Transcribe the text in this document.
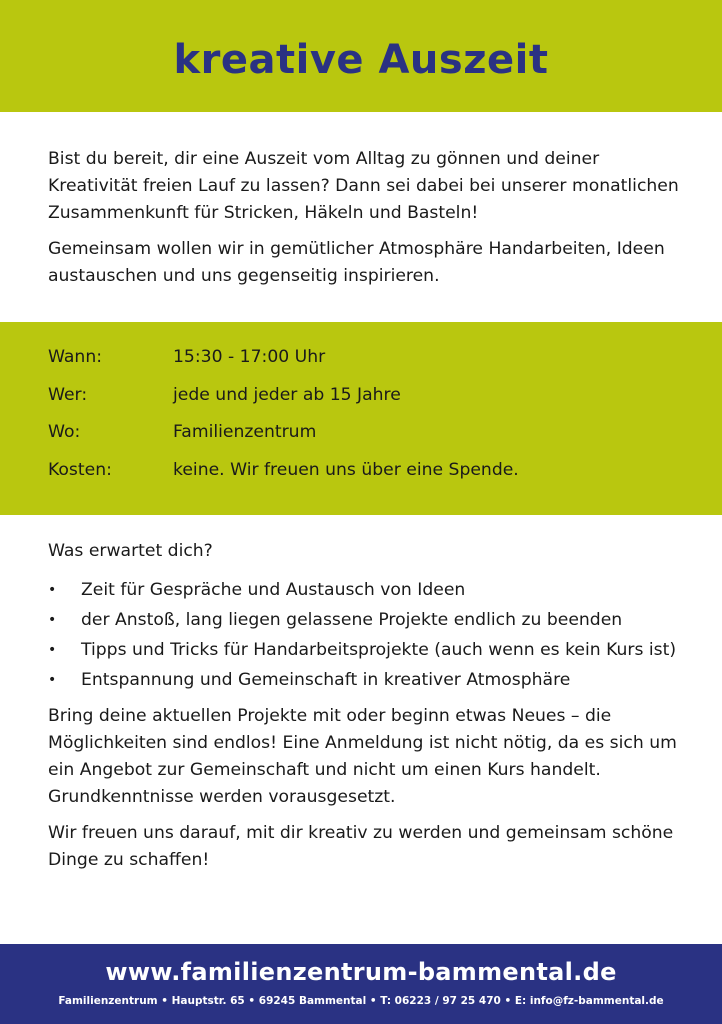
kreative Auszeit

Bist du bereit, dir eine Auszeit vom Alltag zu gönnen und deiner Kreativität freien Lauf zu lassen? Dann sei dabei bei unserer monatlichen Zusammenkunft für Stricken, Häkeln und Basteln!

Gemeinsam wollen wir in gemütlicher Atmosphäre Handarbeiten, Ideen austauschen und uns gegenseitig inspirieren.

Wann:	15:30 - 17:00 Uhr
Wer:	jede und jeder ab 15 Jahre
Wo:	Familienzentrum
Kosten:	keine. Wir freuen uns über eine Spende.
Was erwartet dich?
• Zeit für Gespräche und Austausch von Ideen
• der Anstoß, lang liegen gelassene Projekte endlich zu beenden
• Tipps und Tricks für Handarbeitsprojekte (auch wenn es kein Kurs ist)
• Entspannung und Gemeinschaft in kreativer Atmosphäre

Bring deine aktuellen Projekte mit oder beginn etwas Neues – die Möglichkeiten sind endlos! Eine Anmeldung ist nicht nötig, da es sich um ein Angebot zur Gemeinschaft und nicht um einen Kurs handelt. Grundkenntnisse werden vorausgesetzt.

Wir freuen uns darauf, mit dir kreativ zu werden und gemeinsam schöne Dinge zu schaffen!

www.familienzentrum-bammental.de
Familienzentrum • Hauptstr. 65 • 69245 Bammental • T: 06223 / 97 25 470 • E: info@fz-bammental.de
